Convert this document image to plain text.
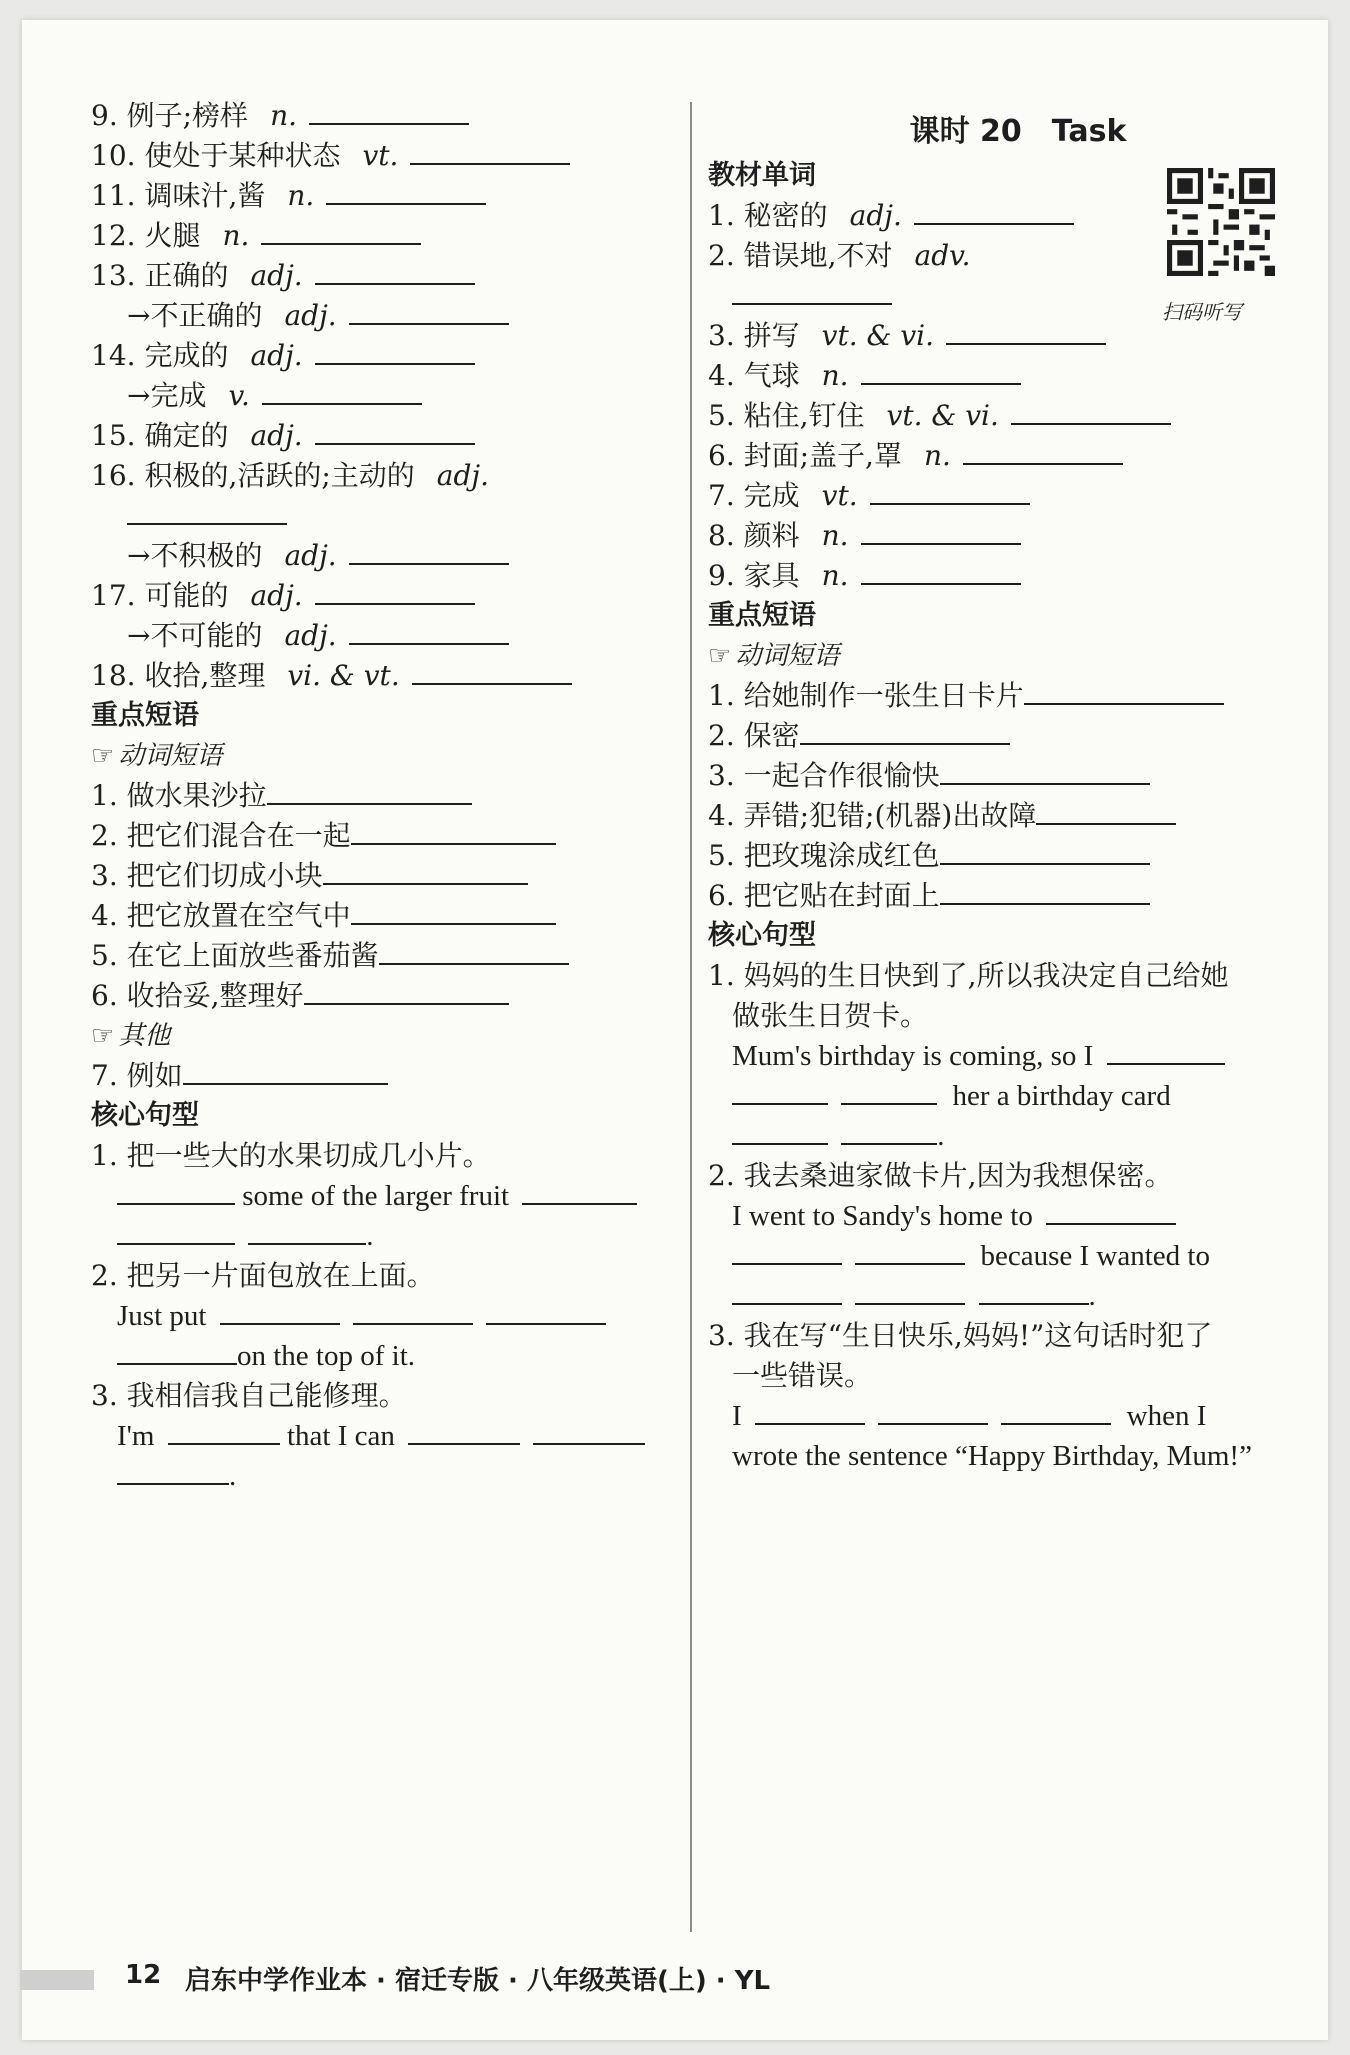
9. 例子;榜样 n.
10. 使处于某种状态 vt.
11. 调味汁,酱 n.
12. 火腿 n.
13. 正确的 adj.
→不正确的 adj.
14. 完成的 adj.
→完成 v.
15. 确定的 adj.
16. 积极的,活跃的;主动的 adj.
→不积极的 adj.
17. 可能的 adj.
→不可能的 adj.
18. 收拾,整理 vi. & vt.
重点短语
☞ 动词短语
1. 做水果沙拉
2. 把它们混合在一起
3. 把它们切成小块
4. 把它放置在空气中
5. 在它上面放些番茄酱
6. 收拾妥,整理好
☞ 其他
7. 例如
核心句型
1. 把一些大的水果切成几小片。
some of the larger fruit
.
2. 把另一片面包放在上面。
Just put
on the top of it.
3. 我相信我自己能修理。
I'm	that I can
.
课时 20　Task
教材单词
1. 秘密的 adj.
2. 错误地,不对 adv.
3. 拼写 vt. & vi.
4. 气球 n.
5. 粘住,钉住 vt. & vi.
6. 封面;盖子,罩 n.
7. 完成 vt.
8. 颜料 n.
9. 家具 n.
重点短语
☞ 动词短语
1. 给她制作一张生日卡片
2. 保密
3. 一起合作很愉快
4. 弄错;犯错;(机器)出故障
5. 把玫瑰涂成红色
6. 把它贴在封面上
核心句型
1. 妈妈的生日快到了,所以我决定自己给她
做张生日贺卡。
Mum's birthday is coming, so I
her a birthday card
.
2. 我去桑迪家做卡片,因为我想保密。
I went to Sandy's home to
because I wanted to
.
3. 我在写“生日快乐,妈妈!”这句话时犯了
一些错误。
I	when I
wrote the sentence “Happy Birthday, Mum!”
扫码听写
12 启东中学作业本 · 宿迁专版 · 八年级英语(上) · YL
